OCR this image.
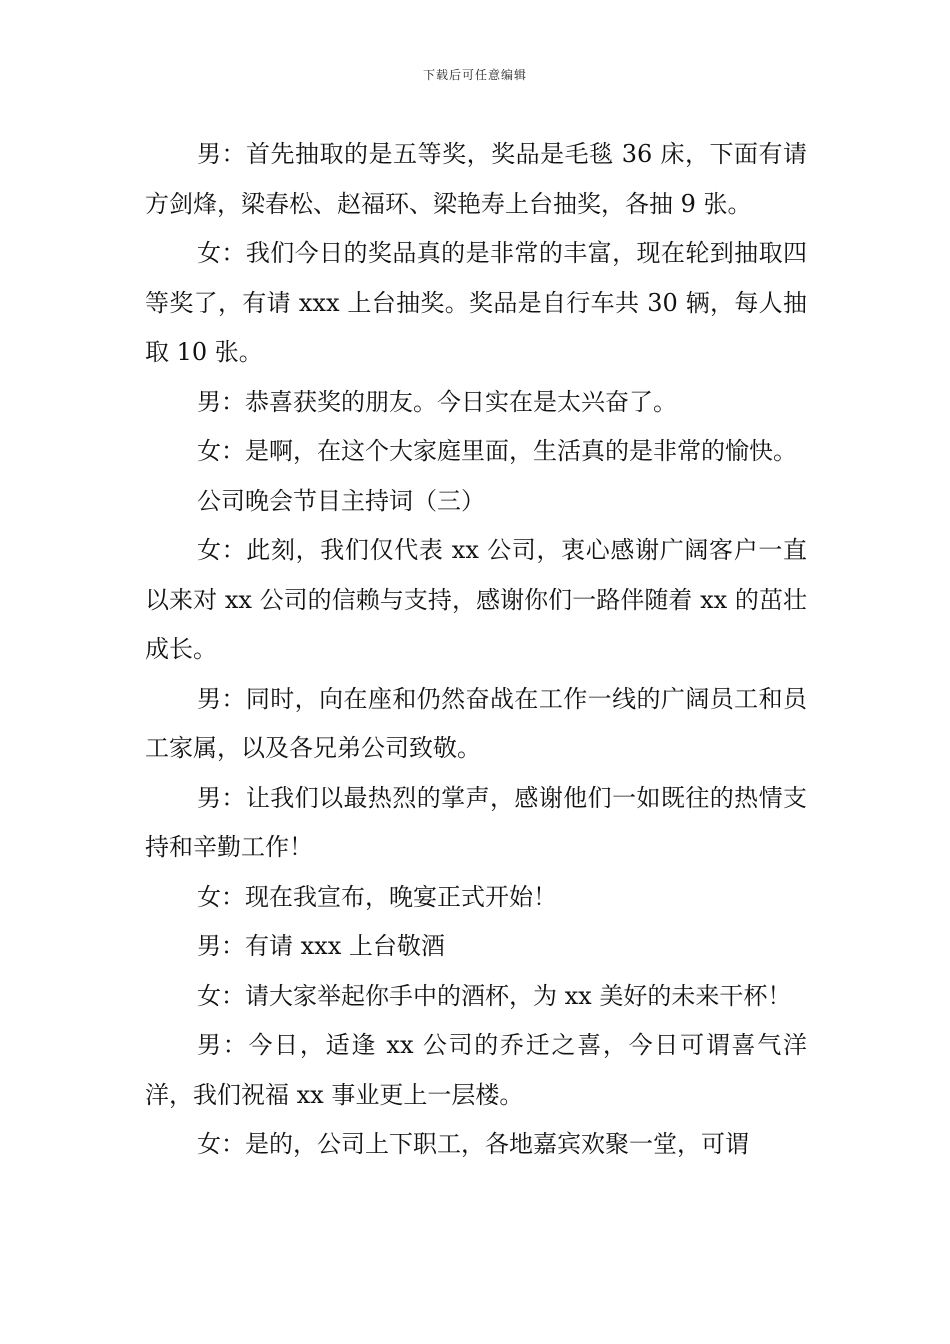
下载后可任意编辑

男：首先抽取的是五等奖，奖品是毛毯 36 床，下面有请方剑烽，梁春松、赵福环、梁艳寿上台抽奖，各抽 9 张。

女：我们今日的奖品真的是非常的丰富，现在轮到抽取四等奖了，有请 xxx 上台抽奖。奖品是自行车共 30 辆，每人抽取 10 张。

男：恭喜获奖的朋友。今日实在是太兴奋了。

女：是啊，在这个大家庭里面，生活真的是非常的愉快。

公司晚会节目主持词（三）

女：此刻，我们仅代表 xx 公司，衷心感谢广阔客户一直以来对 xx 公司的信赖与支持，感谢你们一路伴随着 xx 的茁壮成长。

男：同时，向在座和仍然奋战在工作一线的广阔员工和员工家属，以及各兄弟公司致敬。

男：让我们以最热烈的掌声，感谢他们一如既往的热情支持和辛勤工作！

女：现在我宣布，晚宴正式开始！

男：有请 xxx 上台敬酒

女：请大家举起你手中的酒杯，为 xx 美好的未来干杯！

男：今日，适逢 xx 公司的乔迁之喜，今日可谓喜气洋洋，我们祝福 xx 事业更上一层楼。

女：是的，公司上下职工，各地嘉宾欢聚一堂，可谓
